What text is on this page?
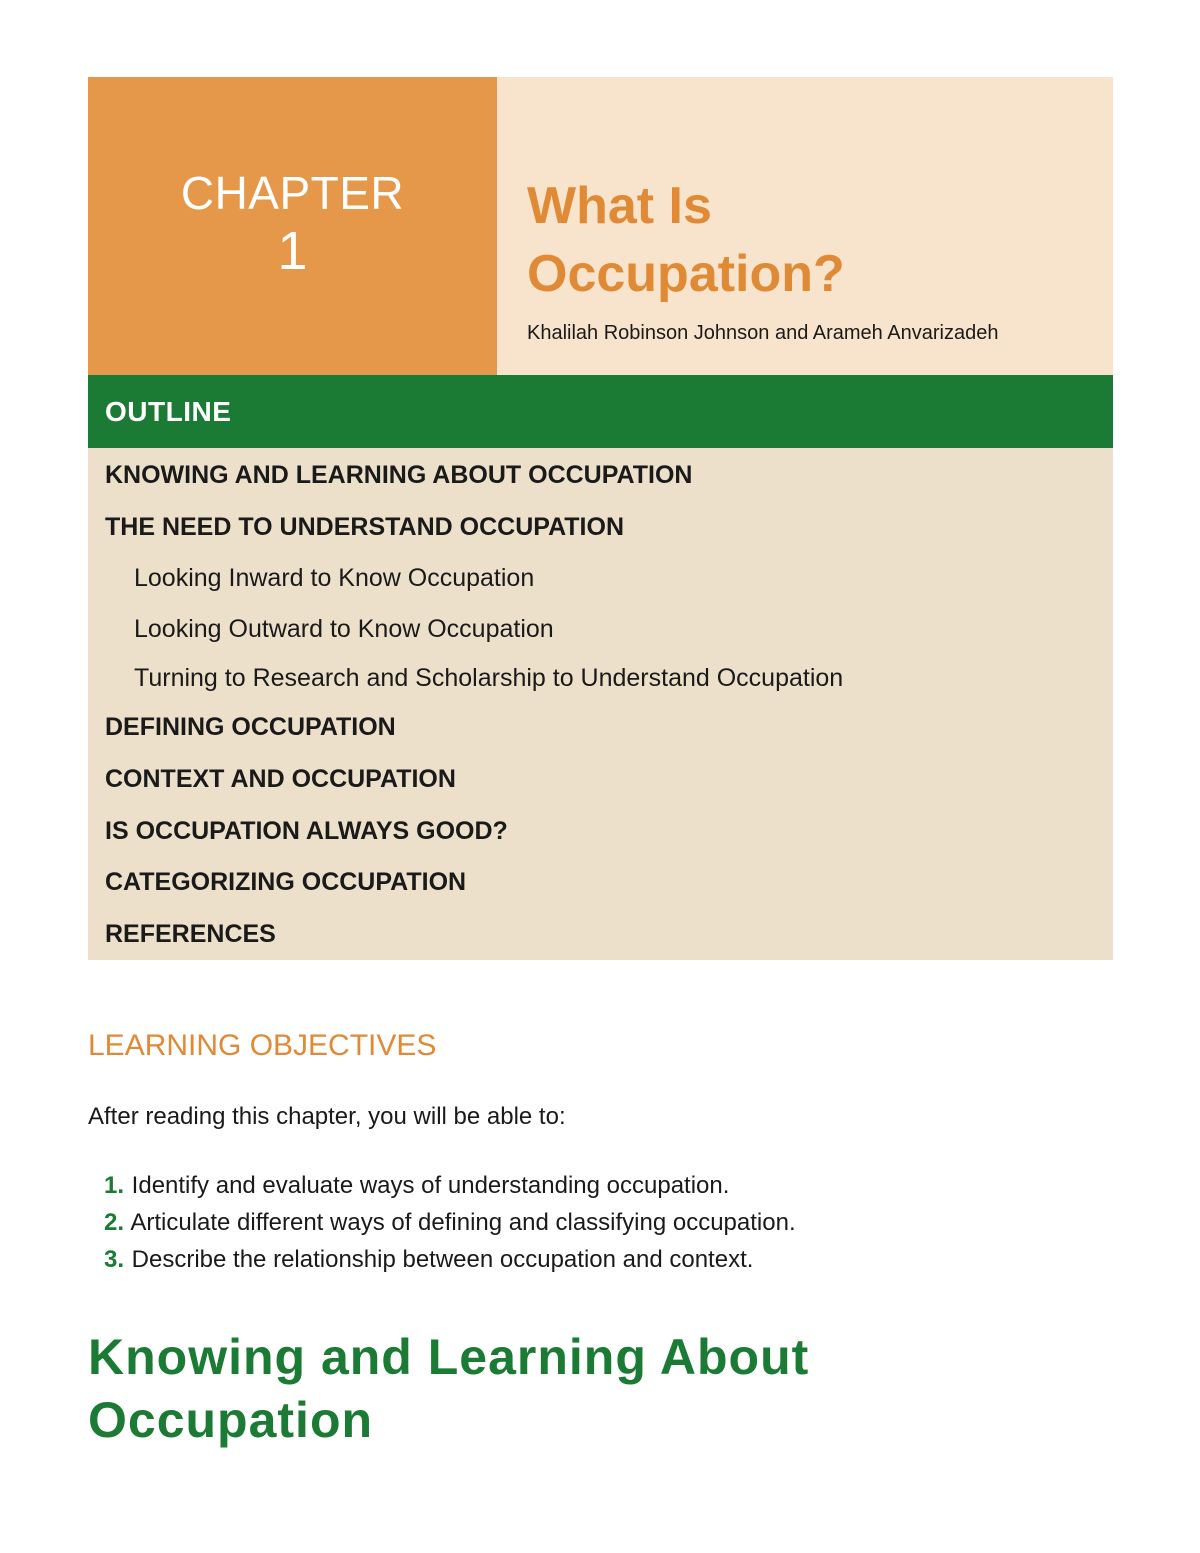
CHAPTER
1
What Is
Occupation?
Khalilah Robinson Johnson and Arameh Anvarizadeh
OUTLINE
KNOWING AND LEARNING ABOUT OCCUPATION
THE NEED TO UNDERSTAND OCCUPATION
Looking Inward to Know Occupation
Looking Outward to Know Occupation
Turning to Research and Scholarship to Understand Occupation
DEFINING OCCUPATION
CONTEXT AND OCCUPATION
IS OCCUPATION ALWAYS GOOD?
CATEGORIZING OCCUPATION
REFERENCES
LEARNING OBJECTIVES
After reading this chapter, you will be able to:
1. Identify and evaluate ways of understanding occupation.
2. Articulate different ways of defining and classifying occupation.
3. Describe the relationship between occupation and context.
Knowing and Learning About
Occupation
